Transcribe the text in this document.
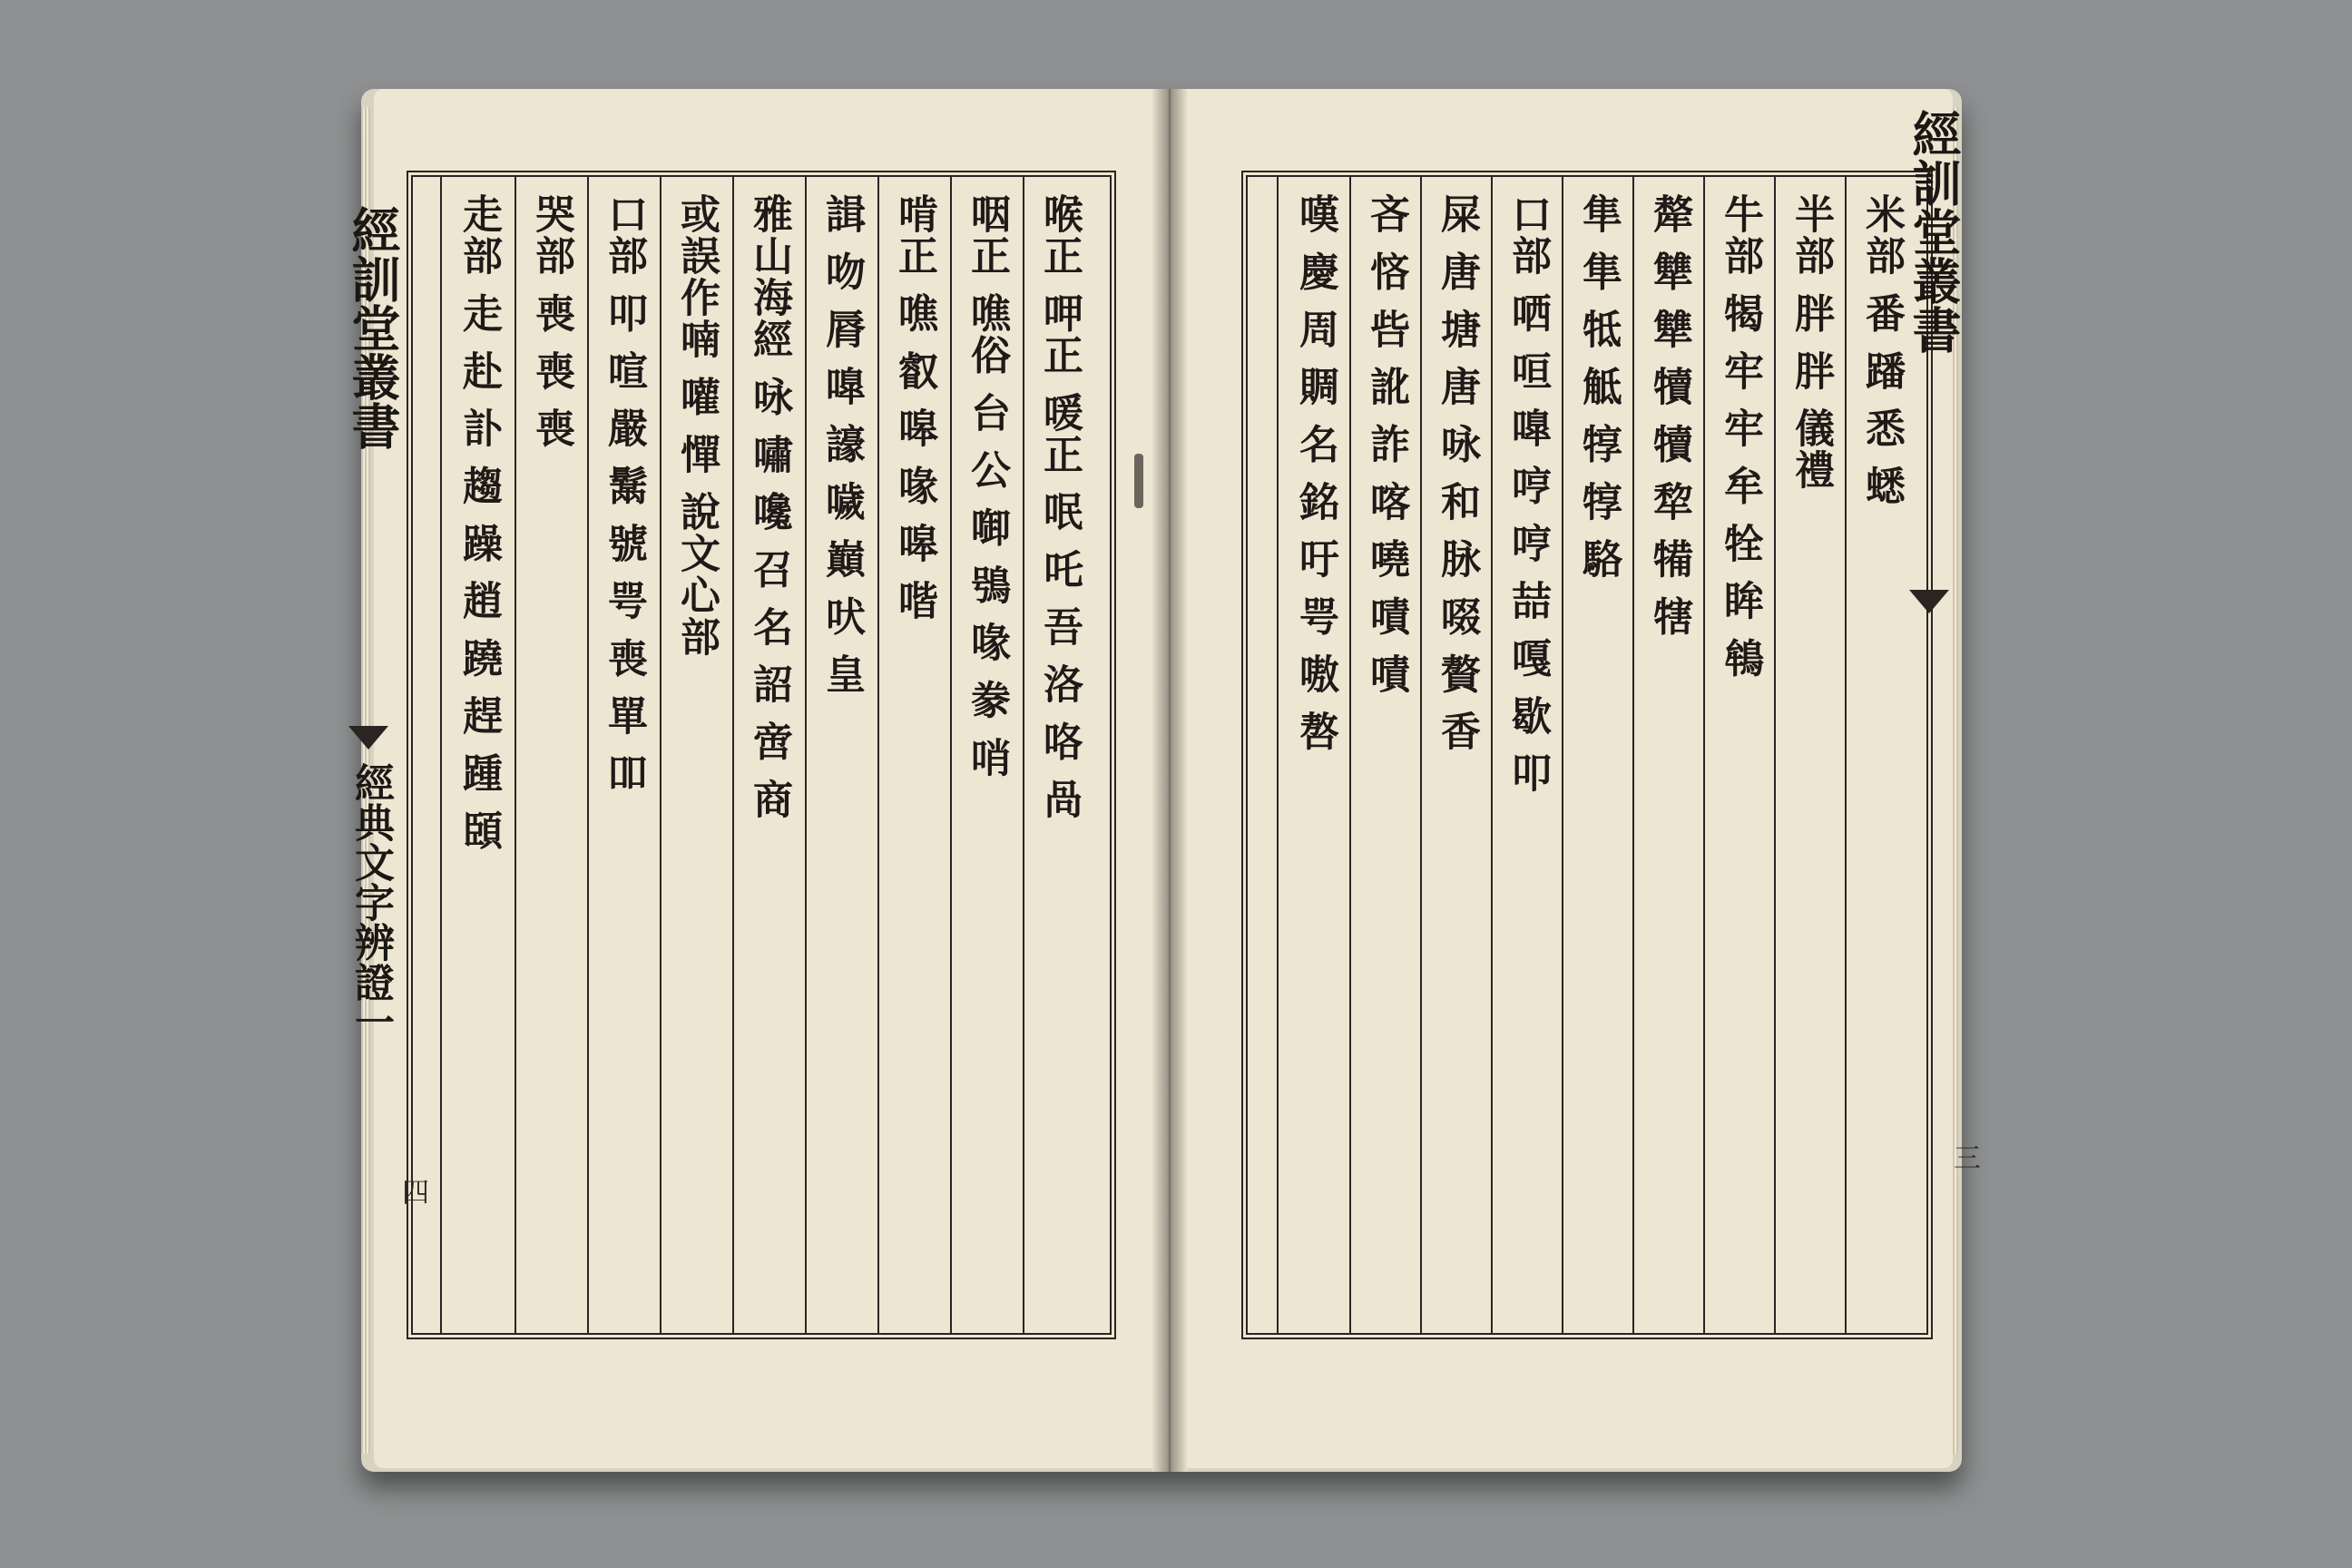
喉正 呷正 喛正 呡 吒 吾 洛 咯 咼
咽正 噍俗 台 公 啣 鴞 喙 豢 哨
啃正 噍 叡 嗥 喙 嗥 喈
諿 吻 脣 嘷 譹 噦 巔 吠 皇
雅山海經 咏 嘯 嚵 召 名 詔 啻 商
或誤作喃 嚾 憚 說文心部
口部 叩 喧 嚴 鬗 號 咢 喪 單 吅
哭部 喪 喪 喪
走部 走 赴 訃 趨 躁 趙 蹺 趕 踵 頣
經訓堂叢書
經典文字辨證一
四
米部 番 蹯 悉 蟋
半部 胖 胖 儀禮
牛部 㹇 牢 牢 牟 牷 眸 鴾
犛 犨 犨 犢 犢 犂 犕 犗
隼 隼 牴 觝 犉 犉 駱
口部 哂 咺 嘷 哼 哼 喆 嘎 歇 叩
屎 唐 塘 唐 咏 和 脉 啜 贅 香
吝 悋 呰 訛 詐 喀 嘵 嘖 嘖
嘆 慶 周 賙 名 銘 吁 咢 嗷 嗸	經訓堂叢書
三
